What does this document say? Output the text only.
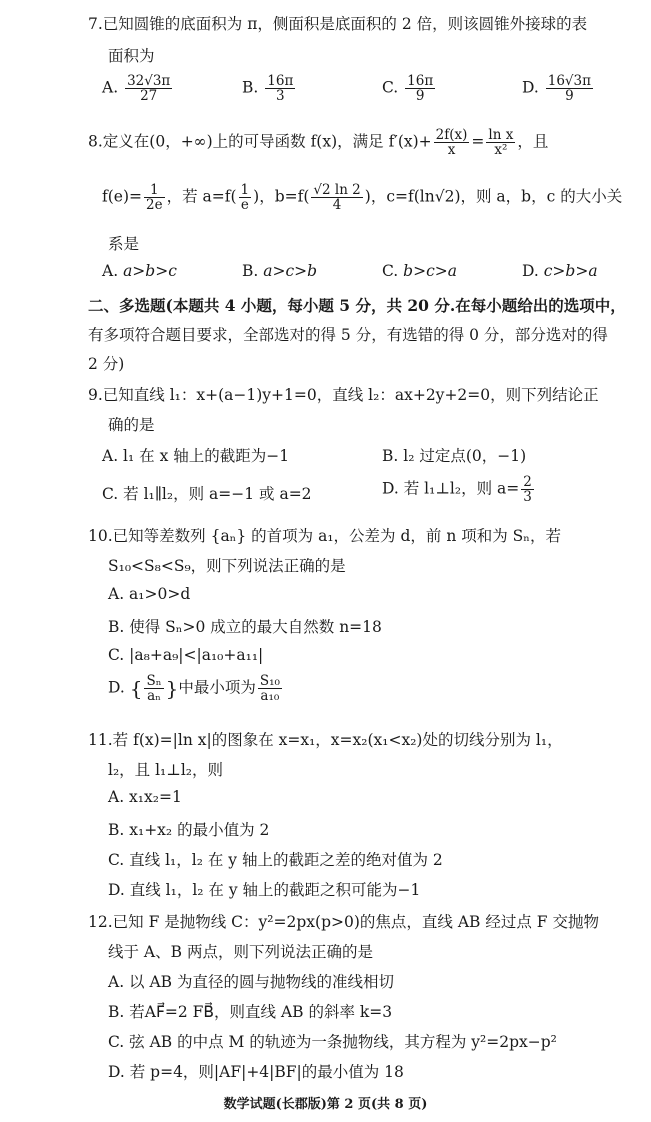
7.已知圆锥的底面积为 π，侧面积是底面积的 2 倍，则该圆锥外接球的表
面积为
A. $\frac{32√3\pi}{27}$	B. $\frac{16\pi}{3}$	C. $\frac{16\pi}{9}$	D. $\frac{16√3\pi}{9}$
8.定义在(0，+∞)上的可导函数 f(x)，满足 $f'(x)+ \frac{2f(x)}{x} = \frac{\text{ln x}}{\text{x²}}$ ，且
$f(e)= \frac{1}{2e}$ ，若 $a=f( \frac{1}{e}$ )，$b=f( \frac{√2 \ln 2}{4}$ )，c=f(ln√2)，则 a，b，c 的大小关
系是
A. a>b>c	B. a>c>b	C. b>c>a	D. c>b>a
二、多选题(本题共 4 小题，每小题 5 分，共 20 分.在每小题给出的选项中，
有多项符合题目要求，全部选对的得 5 分，有选错的得 0 分，部分选对的得
2 分)
9.已知直线 l₁：x+(a−1)y+1=0，直线 l₂：ax+2y+2=0，则下列结论正
确的是
A. l₁ 在 x 轴上的截距为−1	B. l₂ 过定点(0，−1)
C. 若 l₁∥l₂，则 a=−1 或 a=2	D. 若 l₁⊥l₂，则 $a= \frac{2}{3}$
10.已知等差数列 {aₙ} 的首项为 a₁，公差为 d，前 n 项和为 Sₙ，若
S₁₀<S₈<S₉，则下列说法正确的是
A. a₁>0>d
B. 使得 Sₙ>0 成立的最大自然数 n=18
C. |a₈+a₉|<|a₁₀+a₁₁|
D. { $\frac{\text{Sₙ}}{\text{aₙ}}$ }中最小项为 $\frac{\text{S₁₀}}{\text{a₁₀}}$
11.若 f(x)=|ln x|的图象在 x=x₁，x=x₂(x₁<x₂)处的切线分别为 l₁，
l₂，且 l₁⊥l₂，则
A. x₁x₂=1
B. x₁+x₂ 的最小值为 2
C. 直线 l₁，l₂ 在 y 轴上的截距之差的绝对值为 2
D. 直线 l₁，l₂ 在 y 轴上的截距之积可能为−1
12.已知 F 是抛物线 C：y²=2px(p>0)的焦点，直线 AB 经过点 F 交抛物
线于 A、B 两点，则下列说法正确的是
A. 以 AB 为直径的圆与抛物线的准线相切
B. 若AF⃗=2 FB⃗，则直线 AB 的斜率 k=3
C. 弦 AB 的中点 M 的轨迹为一条抛物线，其方程为 y²=2px−p²
D. 若 p=4，则|AF|+4|BF|的最小值为 18
数学试题(长郡版)第 2 页(共 8 页)
